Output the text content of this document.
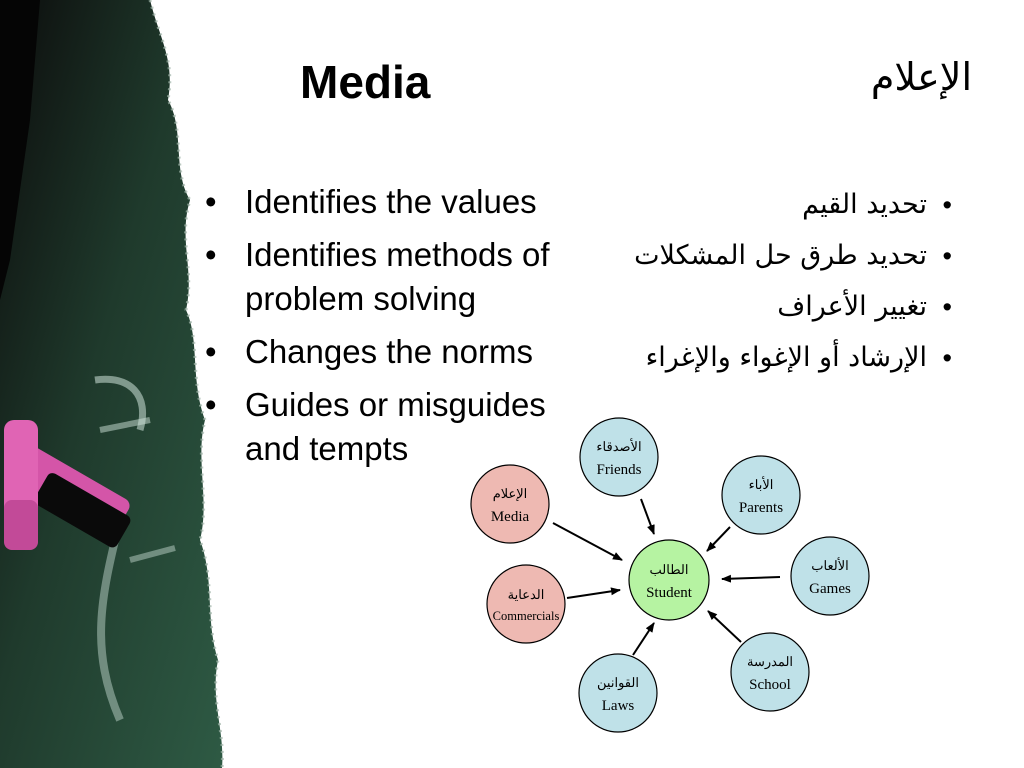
Media	الإعلام
• Identifies the values
• Identifies methods of problem solving
• Changes the norms
• Guides or misguides and tempts
• تحديد القيم
• تحديد طرق حل المشكلات
• تغيير الأعراف
• الإرشاد أو الإغواء والإغراء
الأصدقاء
Friends
الإعلام
Media
الأباء
Parents
الطالب
Student
الألعاب
Games
الدعاية
Commercials
المدرسة
School
القوانين
Laws
